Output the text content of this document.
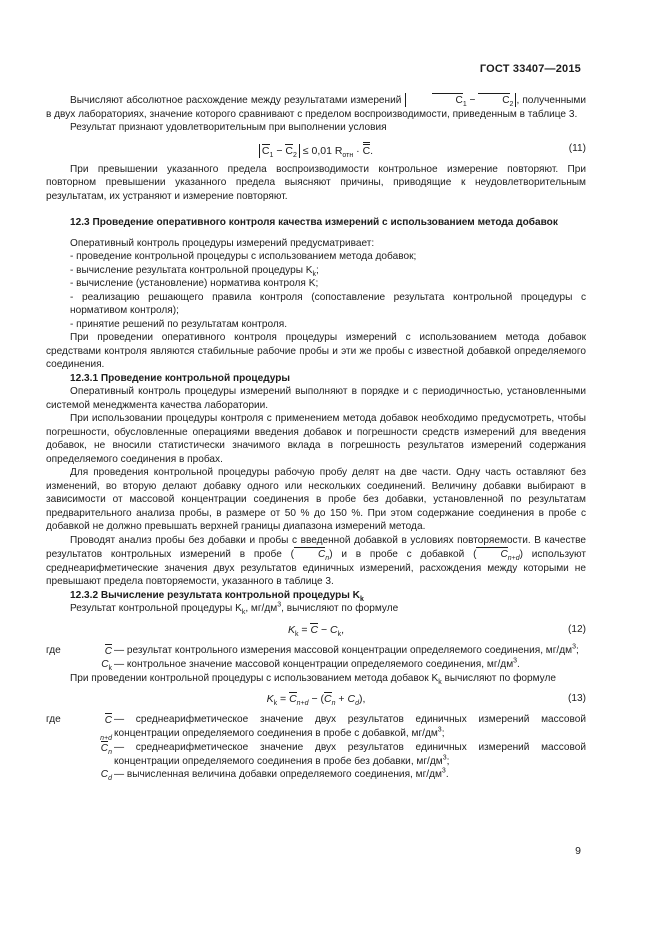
ГОСТ 33407—2015

Вычисляют абсолютное расхождение между результатами измерений	$C_1 - C_2$ , полученными в двух лабораториях, значение которого сравнивают с пределом воспроизводимости, приведенным в таблице 3.

Результат признают удовлетворительным при выполнении условия

$C_1 - C_2 \le 0,01$ $R_{отн} \cdot C$.	(11)

При превышении указанного предела воспроизводимости контрольное измерение повторяют. При повторном превышении указанного предела выясняют причины, приводящие к неудовлетворительным результатам, их устраняют и измерение повторяют.

12.3 Проведение оперативного контроля качества измерений с использованием метода добавок

Оперативный контроль процедуры измерений предусматривает:

- проведение контрольной процедуры с использованием метода добавок;

- вычисление результата контрольной процедуры $K_k$;

- вычисление (установление) норматива контроля K;

- реализацию решающего правила контроля (сопоставление результата контрольной процедуры с нормативом контроля);

- принятие решений по результатам контроля.

При проведении оперативного контроля процедуры измерений с использованием метода добавок средствами контроля являются стабильные рабочие пробы и эти же пробы с известной добавкой определяемого соединения.

12.3.1 Проведение контрольной процедуры

Оперативный контроль процедуры измерений выполняют в порядке и с периодичностью, установленными системой менеджмента качества лаборатории.

При использовании процедуры контроля с применением метода добавок необходимо предусмотреть, чтобы погрешности, обусловленные операциями введения добавок и погрешности средств измерений для введения добавок, не вносили статистически значимого вклада в погрешность результатов измерений содержания определяемого соединения в пробах.

Для проведения контрольной процедуры рабочую пробу делят на две части. Одну часть оставляют без изменений, во вторую делают добавку одного или нескольких соединений. Величину добавки выбирают в зависимости от массовой концентрации соединения в пробе без добавки, установленной по результатам предварительного анализа пробы, в размере от 50 % до 150 %. При этом содержание соединения в пробе с добавкой не должно превышать верхней границы диапазона измерений метода.

Проводят анализ пробы без добавки и пробы с введенной добавкой в условиях повторяемости. В качестве результатов контрольных измерений в пробе ( $C_n$) и в пробе с добавкой ( $C_{n+d}$) используют среднеарифметические значения двух результатов единичных измерений, расхождения между которыми не превышают предела повторяемости, указанного в таблице 3.

12.3.2 Вычисление результата контрольной процедуры $K_k$

Результат контрольной процедуры $K_k$, $мг/дм^3$, вычисляют по формуле

$K_k = C - C_k$,	(12)
где	C — результат контрольного измерения массовой концентрации определяемого соединения, $мг/дм^3$;
$C_k$ — контрольное значение массовой концентрации определяемого соединения, $мг/дм^3$.

При проведении контрольной процедуры с использованием метода добавок $K_k$ вычисляют по формуле

$K_k = C_{n+d} - (C_n + C_d)$,	(13)
где	$C_{n+d}$
— среднеарифметическое значение двух результатов единичных измерений массовой концентрации определяемого соединения в пробе с добавкой, $мг/дм^3$;
$C_n$ — среднеарифметическое значение двух результатов единичных измерений массовой концентрации определяемого соединения в пробе без добавки, $мг/дм^3$;
$C_d$ — вычисленная величина добавки определяемого соединения, $мг/дм^3$.
9
